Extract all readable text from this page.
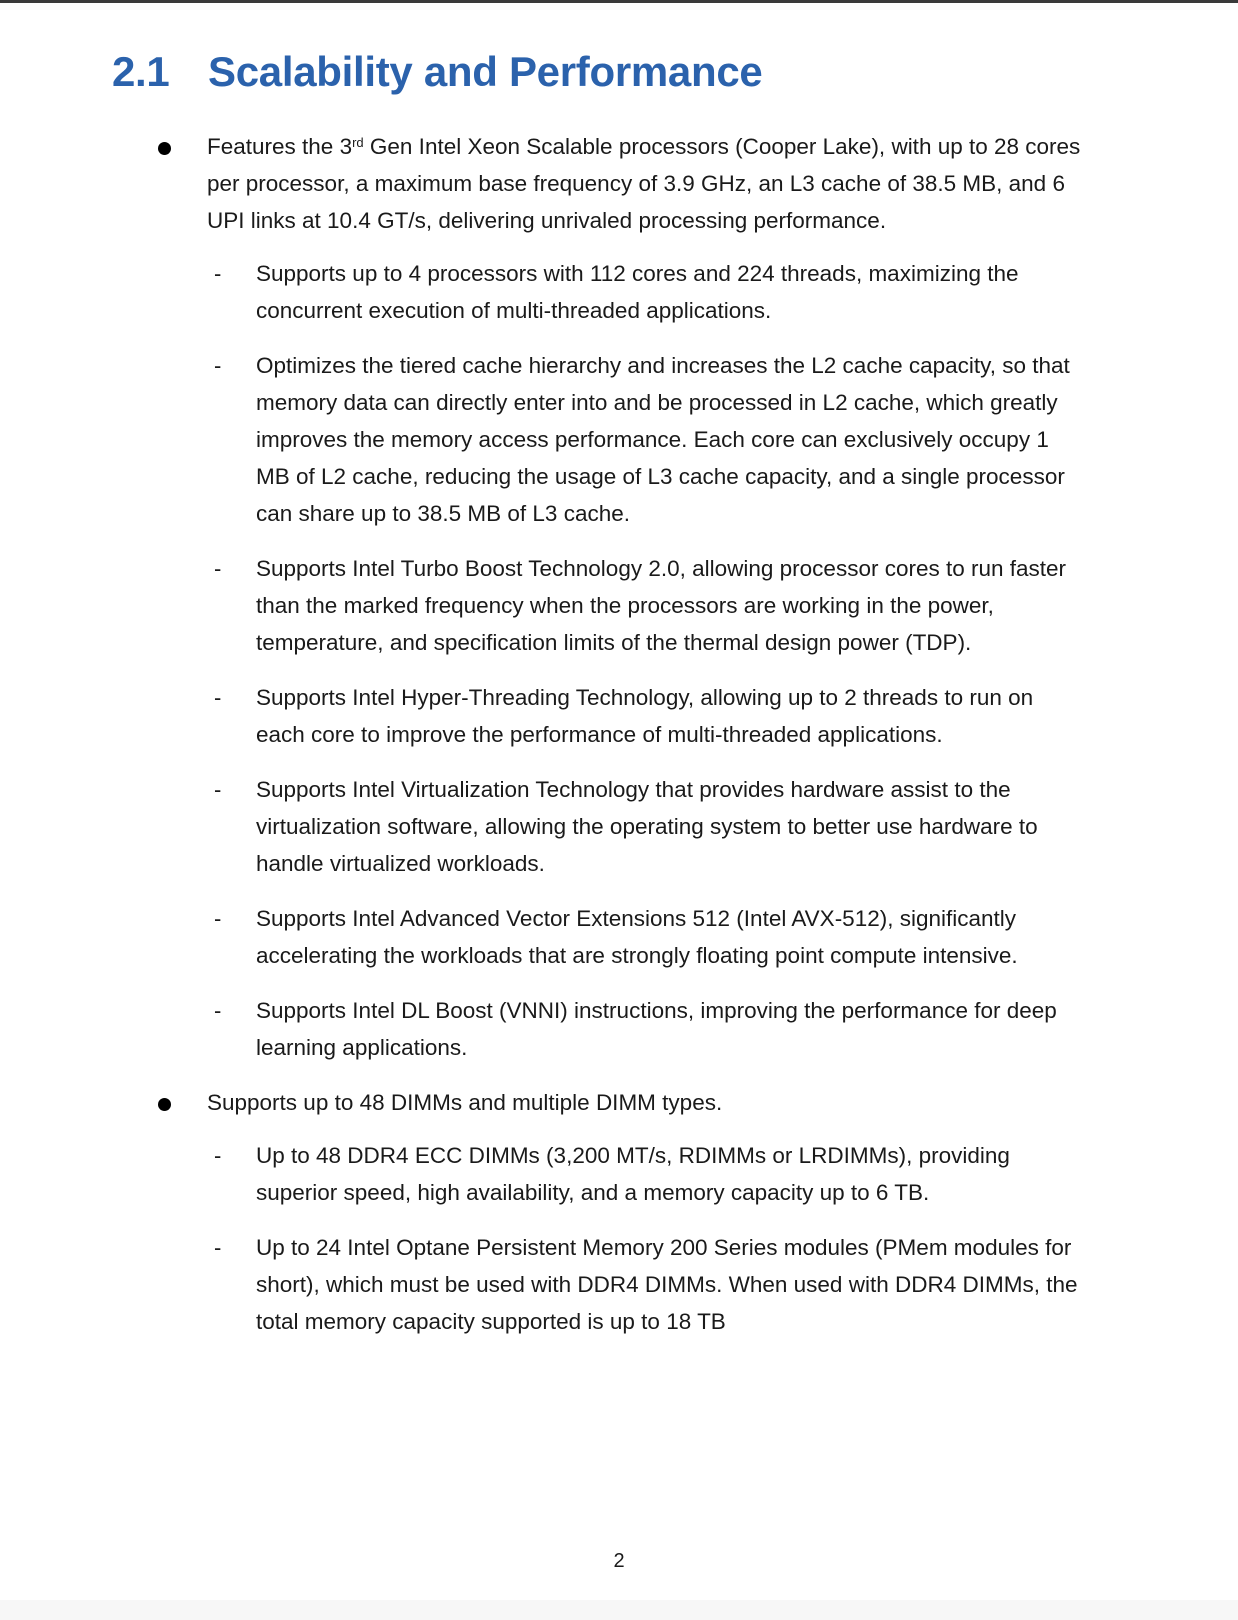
2.1 Scalability and Performance
Features the 3rd Gen Intel Xeon Scalable processors (Cooper Lake), with up to 28 cores per processor, a maximum base frequency of 3.9 GHz, an L3 cache of 38.5 MB, and 6 UPI links at 10.4 GT/s, delivering unrivaled processing performance.
- Supports up to 4 processors with 112 cores and 224 threads, maximizing the concurrent execution of multi-threaded applications.
- Optimizes the tiered cache hierarchy and increases the L2 cache capacity, so that memory data can directly enter into and be processed in L2 cache, which greatly improves the memory access performance. Each core can exclusively occupy 1 MB of L2 cache, reducing the usage of L3 cache capacity, and a single processor can share up to 38.5 MB of L3 cache.
- Supports Intel Turbo Boost Technology 2.0, allowing processor cores to run faster than the marked frequency when the processors are working in the power, temperature, and specification limits of the thermal design power (TDP).
- Supports Intel Hyper-Threading Technology, allowing up to 2 threads to run on each core to improve the performance of multi-threaded applications.
- Supports Intel Virtualization Technology that provides hardware assist to the virtualization software, allowing the operating system to better use hardware to handle virtualized workloads.
- Supports Intel Advanced Vector Extensions 512 (Intel AVX-512), significantly accelerating the workloads that are strongly floating point compute intensive.
- Supports Intel DL Boost (VNNI) instructions, improving the performance for deep learning applications.
Supports up to 48 DIMMs and multiple DIMM types.
- Up to 48 DDR4 ECC DIMMs (3,200 MT/s, RDIMMs or LRDIMMs), providing superior speed, high availability, and a memory capacity up to 6 TB.
- Up to 24 Intel Optane Persistent Memory 200 Series modules (PMem modules for short), which must be used with DDR4 DIMMs. When used with DDR4 DIMMs, the total memory capacity supported is up to 18 TB
2
